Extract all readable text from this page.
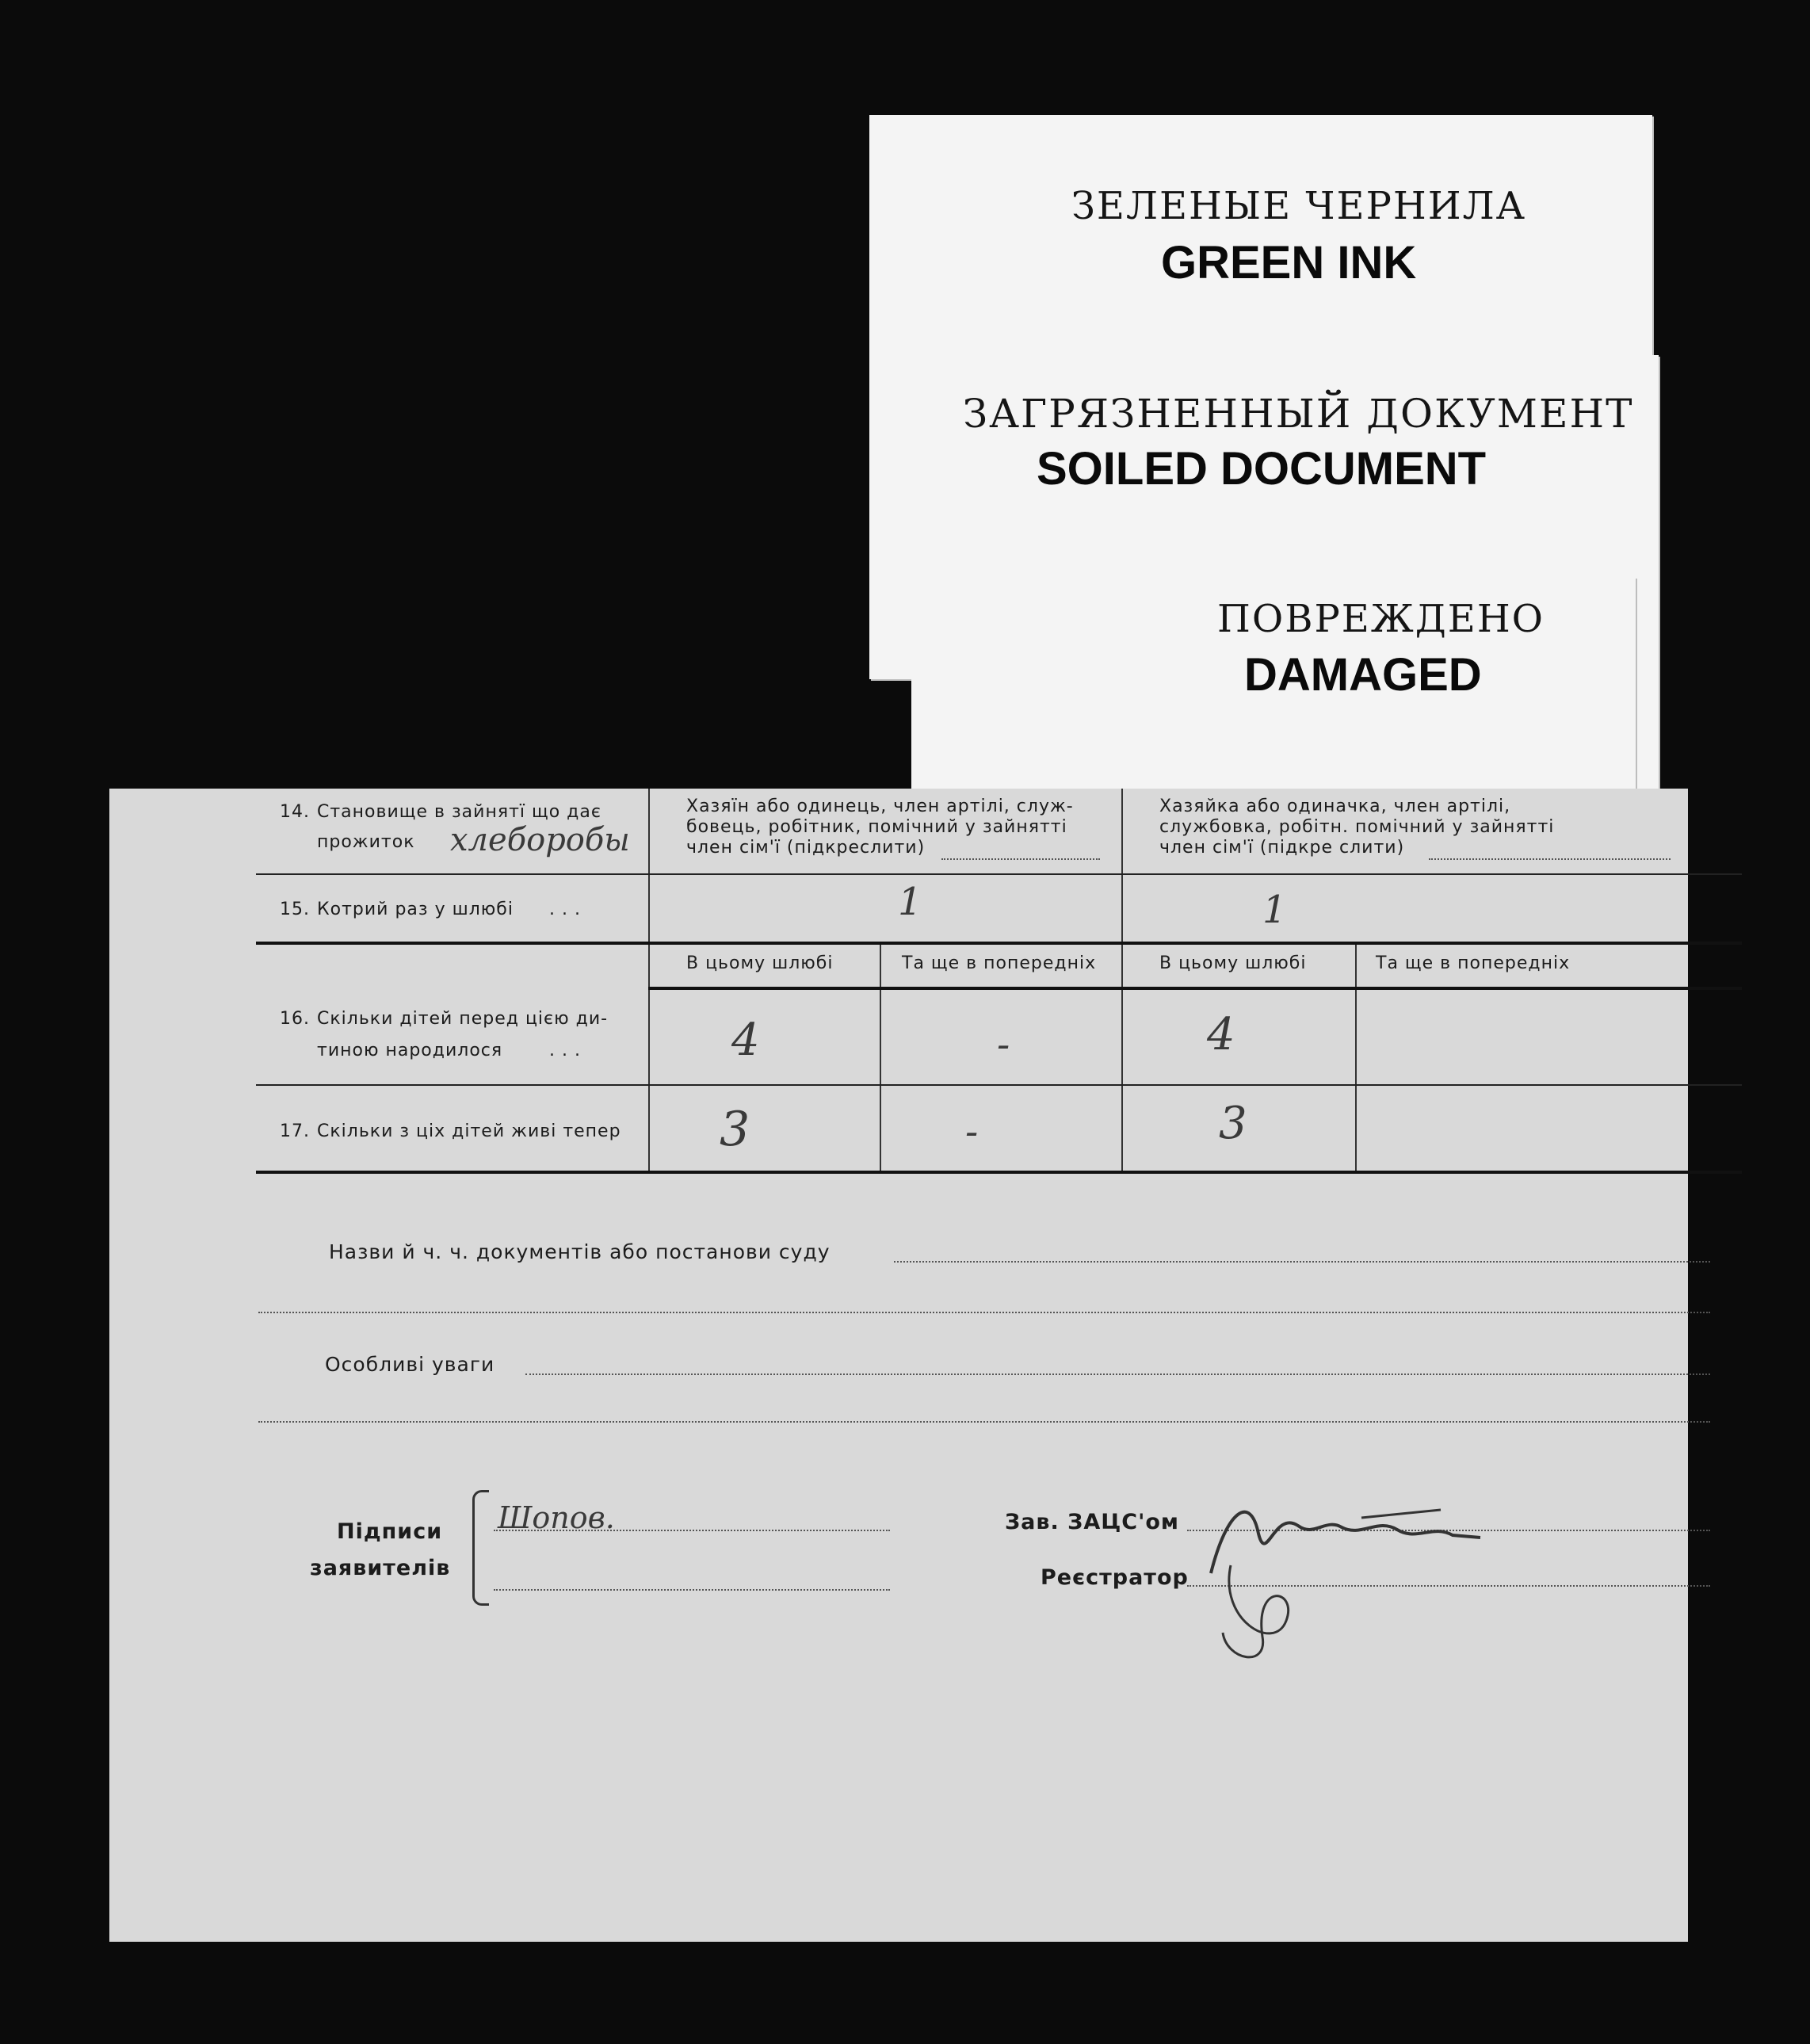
ЗЕЛЕНЫЕ ЧЕРНИЛА
GREEN INK
ЗАГРЯЗНЕННЫЙ ДОКУМЕНТ
SOILED DOCUMENT
ПОВРЕЖДЕНО
DAMAGED
14. Становище в зайнятї що дає
прожиток хлеборобы
Хазяїн або одинець, член артілі, служ-
бовець, робітник, помічний у зайнятті
член сім'ї (підкреслити)
Хазяйка або одиначка, член артілі,
службовка, робітн. помічний у зайнятті
член сім'ї (підкре слити)
15. Котрий раз у шлюбі . . .	1	1
В цьому шлюбі	Та ще в попередніх	В цьому шлюбі	Та ще в попередніх
16. Скільки дітей перед цією ди-
тиною народилося	. . .	4	-	4
17. Скільки з ціх дітей живі тепер 3	-	3
Назви й ч. ч. документів або постанови суду
Особливі уваги
Підписи
заявителів
Шопов.	Зав. ЗАЦС'ом
Реєстратор
